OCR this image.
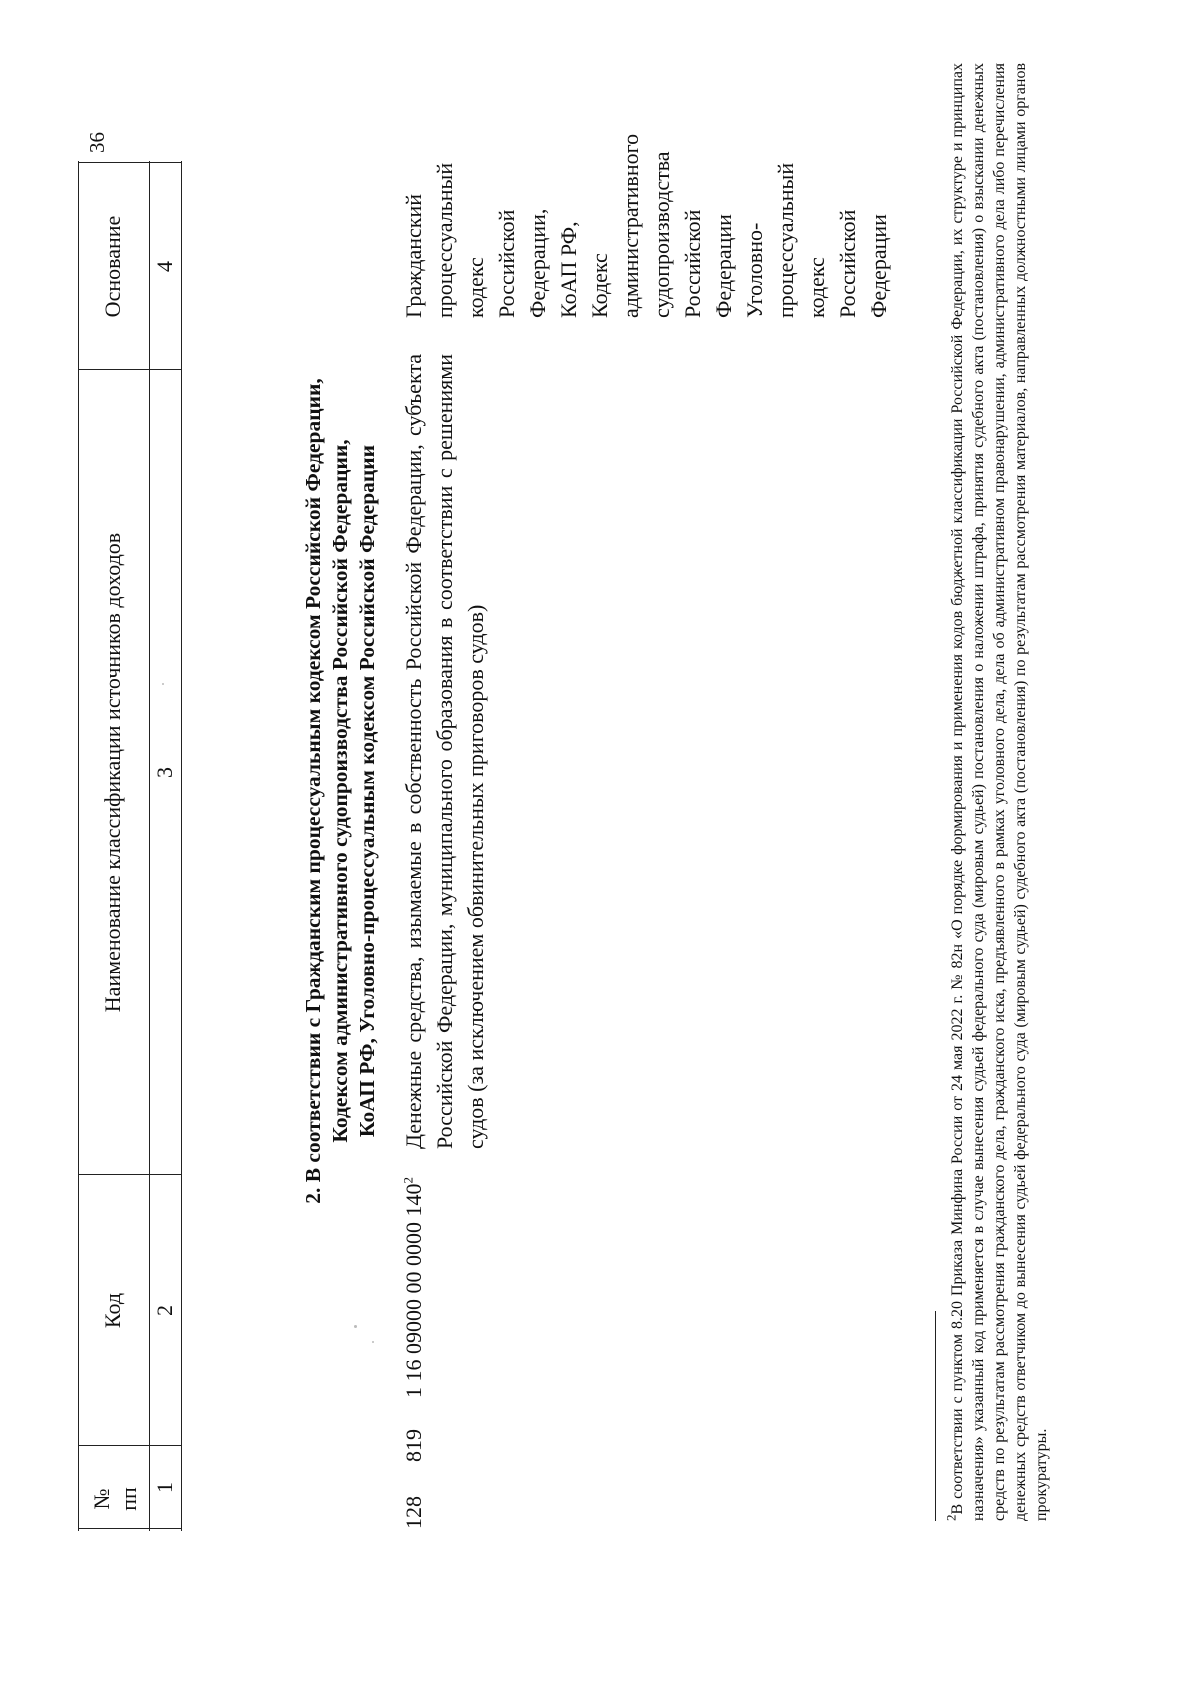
36
№ пп
Код
Наименование классификации источников доходов
Основание
1
2
3
4
2. В соответствии с Гражданским процессуальным кодексом Российской Федерации, Кодексом административного судопроизводства Российской Федерации, КоАП РФ, Уголовно-процессуальным кодексом Российской Федерации
128
819
1 16 09000 00 0000 $140^2$
Денежные средства, изымаемые в собственность Российской Федерации, субъекта Российской Федерации, муниципального образования в соответствии с решениями судов (за исключением обвинительных приговоров судов)
Гражданский процессуальный кодекс Российской Федерации, КоАП РФ, Кодекс административного судопроизводства Российской Федерации Уголовно-процессуальный кодекс Российской Федерации
$^2$В соответствии с пунктом 8.20 Приказа Минфина России от 24 мая 2022 г. № 82н «О порядке формирования и применения кодов бюджетной классификации Российской Федерации, их структуре и принципах назначения» указанный код применяется в случае вынесения судьей федерального суда (мировым судьей) постановления о наложении штрафа, принятия судебного акта (постановления) о взыскании денежных средств по результатам рассмотрения гражданского дела, гражданского иска, предъявленного в рамках уголовного дела, дела об административном правонарушении, административного дела либо перечисления денежных средств ответчиком до вынесения судьей федерального суда (мировым судьей) судебного акта (постановления) по результатам рассмотрения материалов, направленных должностными лицами органов прокуратуры.
